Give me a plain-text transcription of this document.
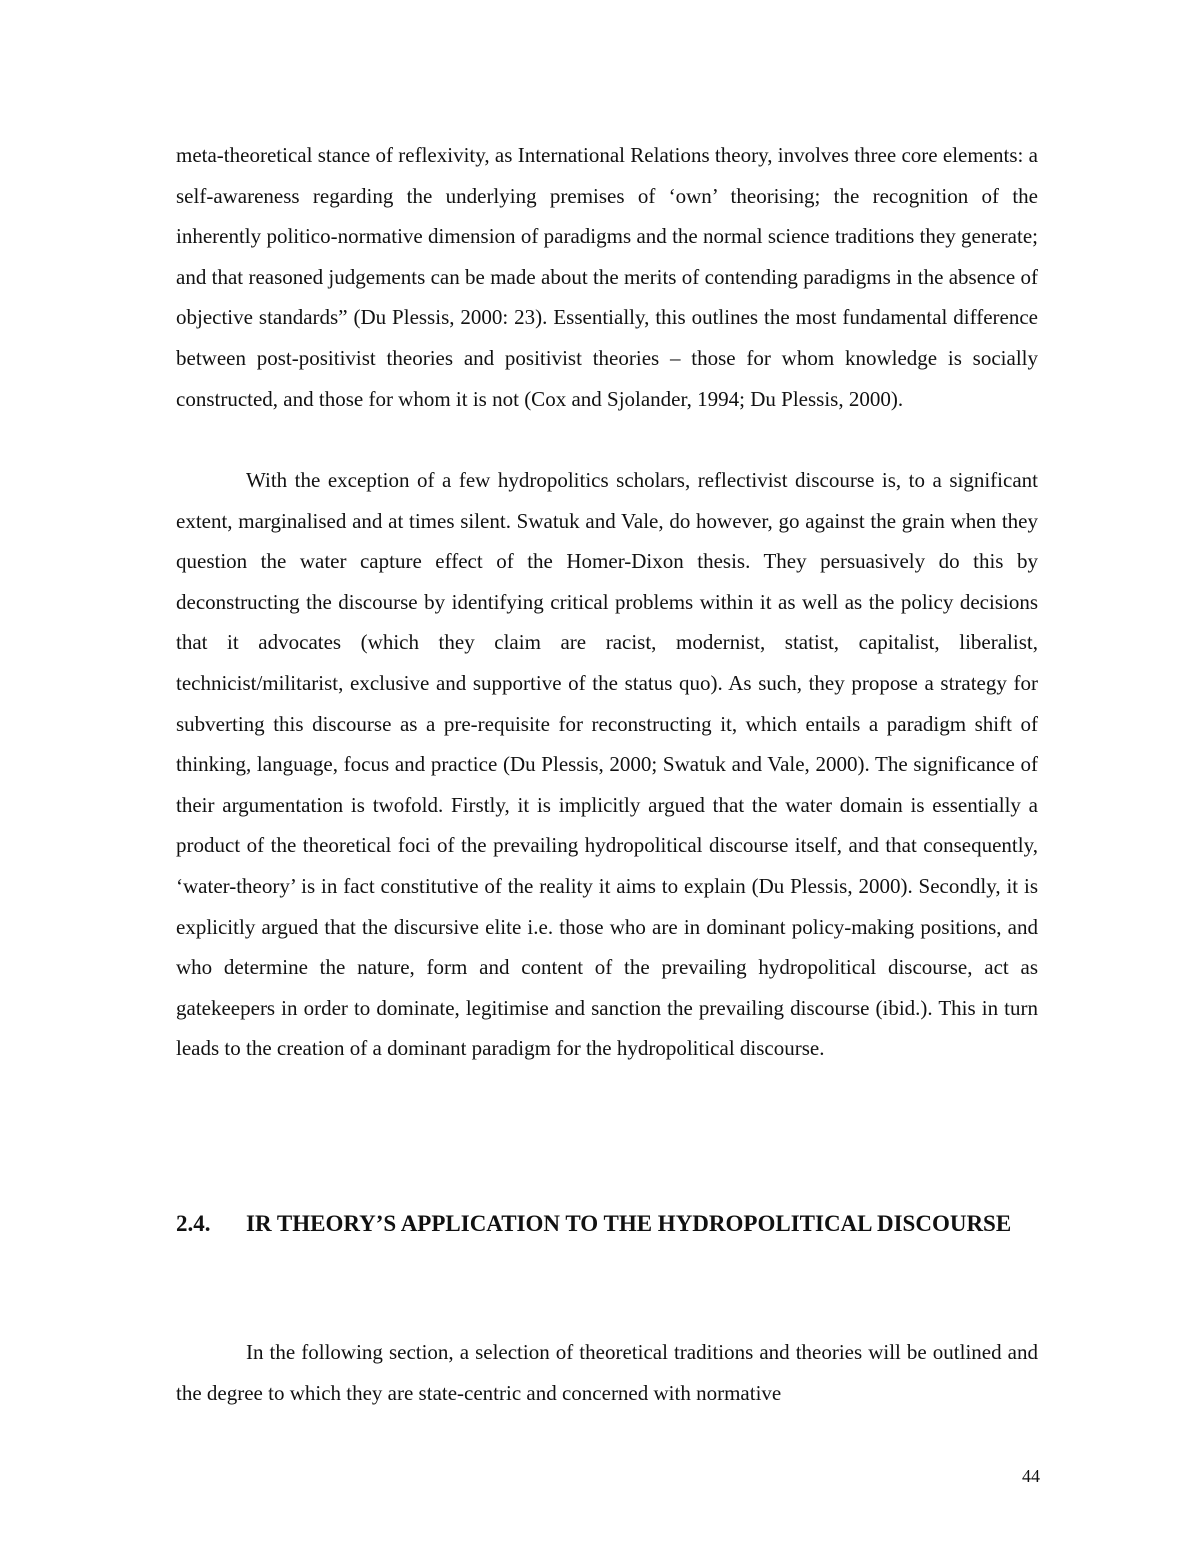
meta-theoretical stance of reflexivity, as International Relations theory, involves three core elements: a self-awareness regarding the underlying premises of ‘own’ theorising; the recognition of the inherently politico-normative dimension of paradigms and the normal science traditions they generate; and that reasoned judgements can be made about the merits of contending paradigms in the absence of objective standards” (Du Plessis, 2000: 23). Essentially, this outlines the most fundamental difference between post-positivist theories and positivist theories – those for whom knowledge is socially constructed, and those for whom it is not (Cox and Sjolander, 1994; Du Plessis, 2000).

With the exception of a few hydropolitics scholars, reflectivist discourse is, to a significant extent, marginalised and at times silent. Swatuk and Vale, do however, go against the grain when they question the water capture effect of the Homer-Dixon thesis. They persuasively do this by deconstructing the discourse by identifying critical problems within it as well as the policy decisions that it advocates (which they claim are racist, modernist, statist, capitalist, liberalist, technicist/militarist, exclusive and supportive of the status quo). As such, they propose a strategy for subverting this discourse as a pre-requisite for reconstructing it, which entails a paradigm shift of thinking, language, focus and practice (Du Plessis, 2000; Swatuk and Vale, 2000). The significance of their argumentation is twofold. Firstly, it is implicitly argued that the water domain is essentially a product of the theoretical foci of the prevailing hydropolitical discourse itself, and that consequently, ‘water-theory’ is in fact constitutive of the reality it aims to explain (Du Plessis, 2000). Secondly, it is explicitly argued that the discursive elite i.e. those who are in dominant policy-making positions, and who determine the nature, form and content of the prevailing hydropolitical discourse, act as gatekeepers in order to dominate, legitimise and sanction the prevailing discourse (ibid.). This in turn leads to the creation of a dominant paradigm for the hydropolitical discourse.

2.4. IR THEORY’S APPLICATION TO THE HYDROPOLITICAL DISCOURSE

In the following section, a selection of theoretical traditions and theories will be outlined and the degree to which they are state-centric and concerned with normative

44
